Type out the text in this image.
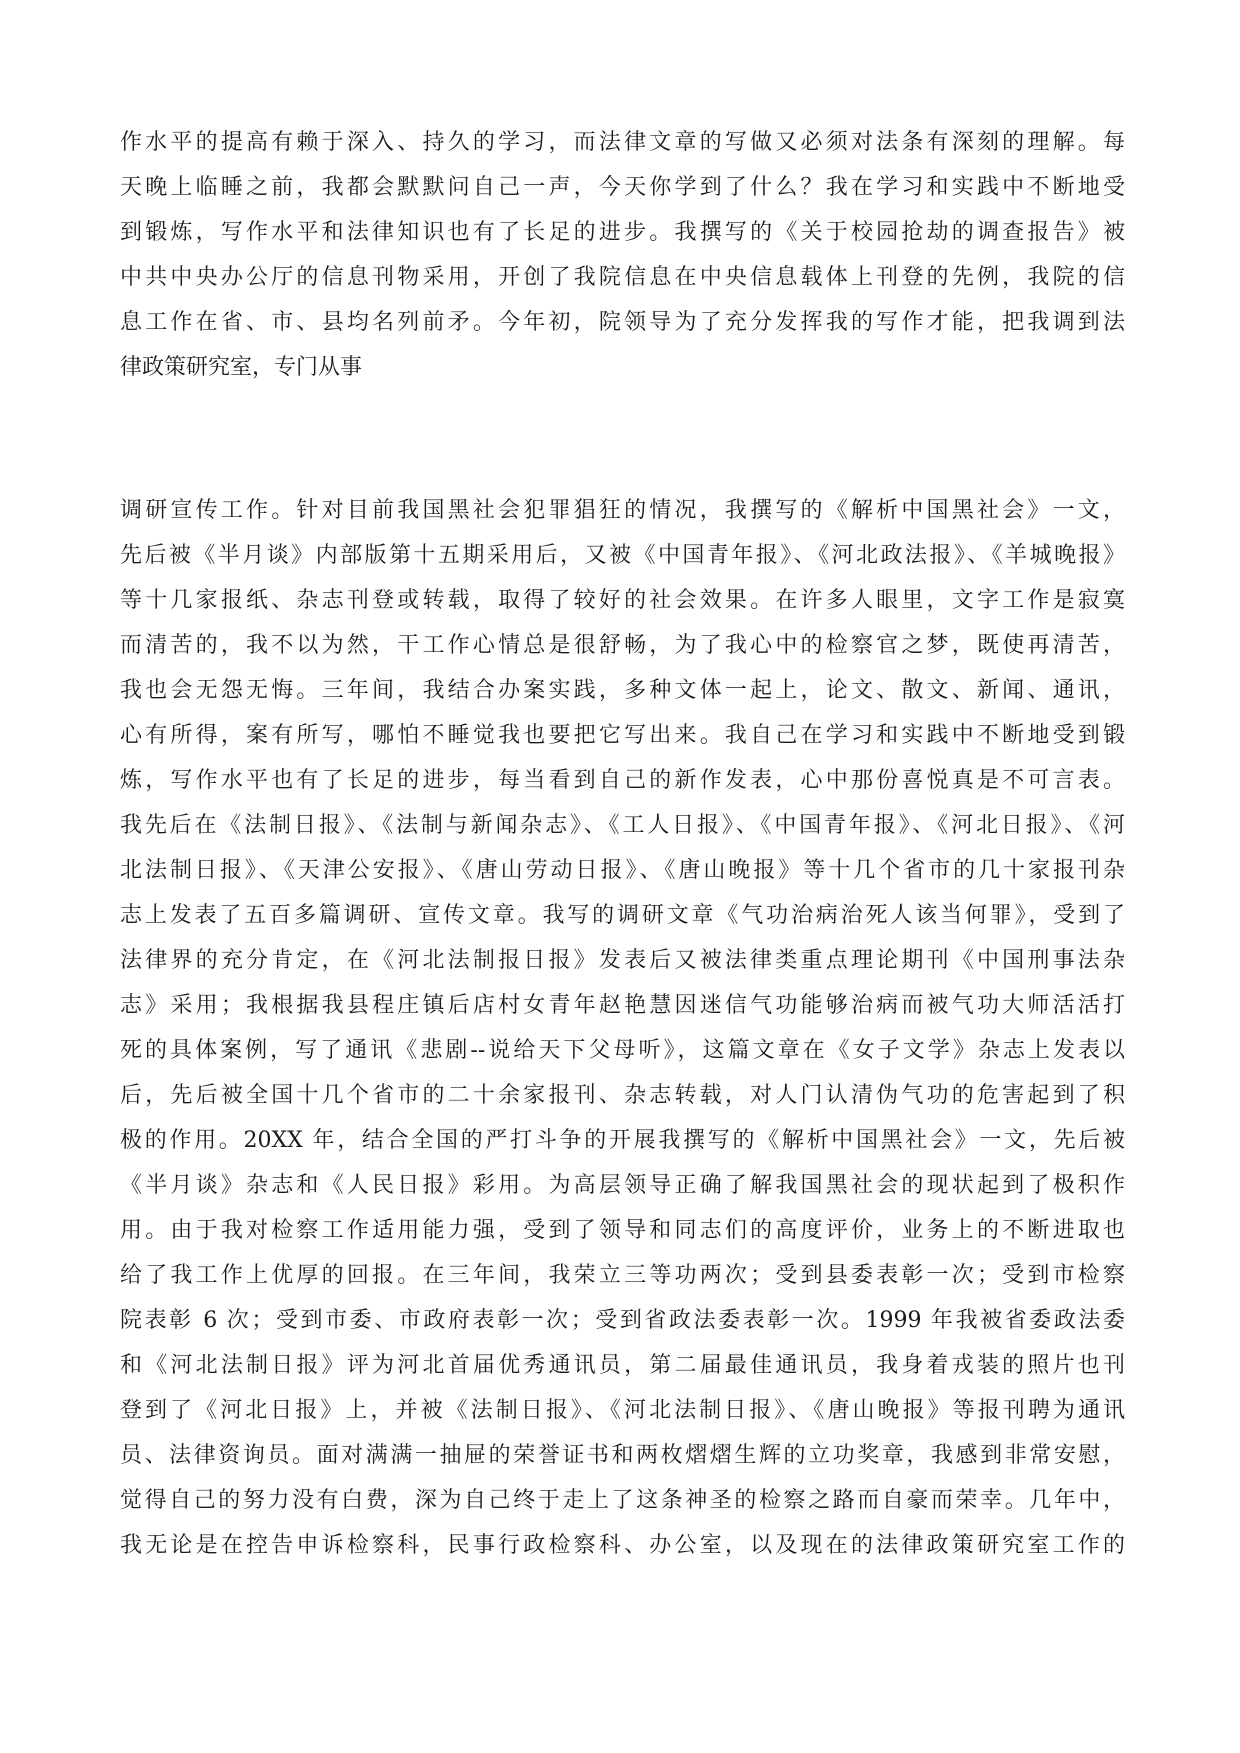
作水平的提高有赖于深入、持久的学习，而法律文章的写做又必须对法条有深刻的理解。每
天晚上临睡之前，我都会默默问自己一声，今天你学到了什么？我在学习和实践中不断地受
到锻炼，写作水平和法律知识也有了长足的进步。我撰写的《关于校园抢劫的调查报告》被
中共中央办公厅的信息刊物采用，开创了我院信息在中央信息载体上刊登的先例，我院的信
息工作在省、市、县均名列前矛。今年初，院领导为了充分发挥我的写作才能，把我调到法
律政策研究室，专门从事

调研宣传工作。针对目前我国黑社会犯罪猖狂的情况，我撰写的《解析中国黑社会》一文，
先后被《半月谈》内部版第十五期采用后，又被《中国青年报》、《河北政法报》、《羊城晚报》
等十几家报纸、杂志刊登或转载，取得了较好的社会效果。在许多人眼里，文字工作是寂寞
而清苦的，我不以为然，干工作心情总是很舒畅，为了我心中的检察官之梦，既使再清苦，
我也会无怨无悔。三年间，我结合办案实践，多种文体一起上，论文、散文、新闻、通讯，
心有所得，案有所写，哪怕不睡觉我也要把它写出来。我自己在学习和实践中不断地受到锻
炼，写作水平也有了长足的进步，每当看到自己的新作发表，心中那份喜悦真是不可言表。
我先后在《法制日报》、《法制与新闻杂志》、《工人日报》、《中国青年报》、《河北日报》、《河
北法制日报》、《天津公安报》、《唐山劳动日报》、《唐山晚报》等十几个省市的几十家报刊杂
志上发表了五百多篇调研、宣传文章。我写的调研文章《气功治病治死人该当何罪》，受到了
法律界的充分肯定，在《河北法制报日报》发表后又被法律类重点理论期刊《中国刑事法杂
志》采用；我根据我县程庄镇后店村女青年赵艳慧因迷信气功能够治病而被气功大师活活打
死的具体案例，写了通讯《悲剧--说给天下父母听》，这篇文章在《女子文学》杂志上发表以
后，先后被全国十几个省市的二十余家报刊、杂志转载，对人门认清伪气功的危害起到了积
极的作用。20XX 年，结合全国的严打斗争的开展我撰写的《解析中国黑社会》一文，先后被
《半月谈》杂志和《人民日报》彩用。为高层领导正确了解我国黑社会的现状起到了极积作
用。由于我对检察工作适用能力强，受到了领导和同志们的高度评价，业务上的不断进取也
给了我工作上优厚的回报。在三年间，我荣立三等功两次；受到县委表彰一次；受到市检察
院表彰 6 次；受到市委、市政府表彰一次；受到省政法委表彰一次。1999 年我被省委政法委
和《河北法制日报》评为河北首届优秀通讯员，第二届最佳通讯员，我身着戎装的照片也刊
登到了《河北日报》上，并被《法制日报》、《河北法制日报》、《唐山晚报》等报刊聘为通讯
员、法律资询员。面对满满一抽屉的荣誉证书和两枚熠熠生辉的立功奖章，我感到非常安慰，
觉得自己的努力没有白费，深为自己终于走上了这条神圣的检察之路而自豪而荣幸。几年中，
我无论是在控告申诉检察科，民事行政检察科、办公室，以及现在的法律政策研究室工作的
